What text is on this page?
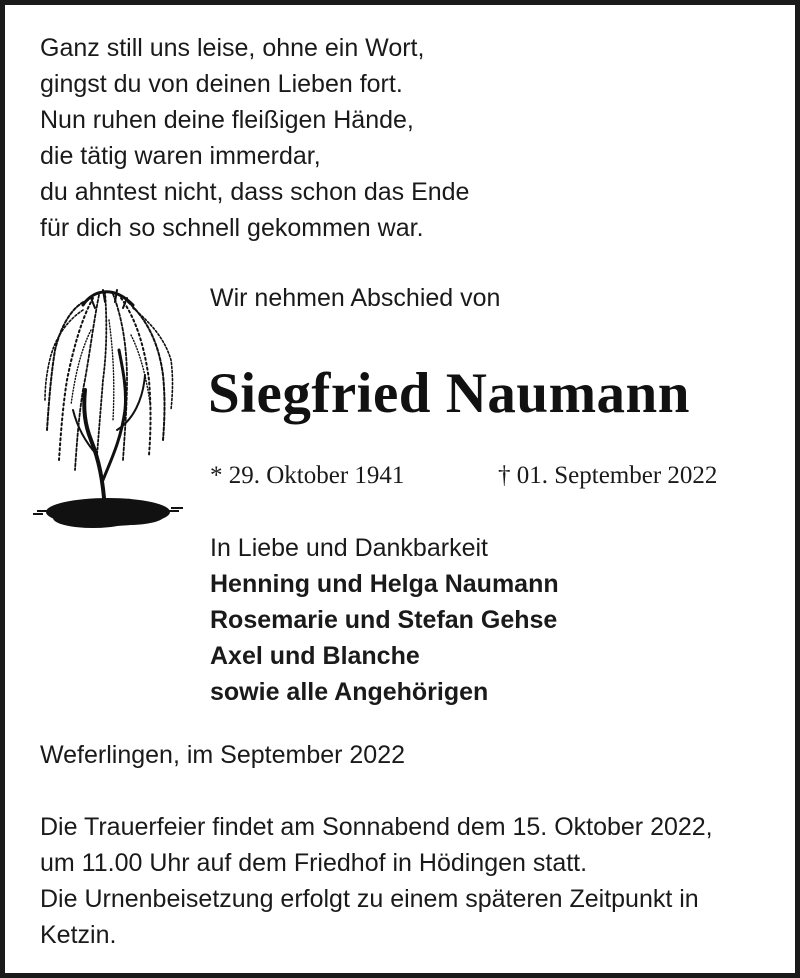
Ganz still uns leise, ohne ein Wort,
gingst du von deinen Lieben fort.
Nun ruhen deine fleißigen Hände,
die tätig waren immerdar,
du ahntest nicht, dass schon das Ende
für dich so schnell gekommen war.
Wir nehmen Abschied von
Siegfried Naumann
* 29. Oktober 1941	† 01. September 2022
In Liebe und Dankbarkeit
Henning und Helga Naumann
Rosemarie und Stefan Gehse
Axel und Blanche
sowie alle Angehörigen
Weferlingen, im September 2022
Die Trauerfeier findet am Sonnabend dem 15. Oktober 2022,
um 11.00 Uhr auf dem Friedhof in Hödingen statt.
Die Urnenbeisetzung erfolgt zu einem späteren Zeitpunkt in
Ketzin.
